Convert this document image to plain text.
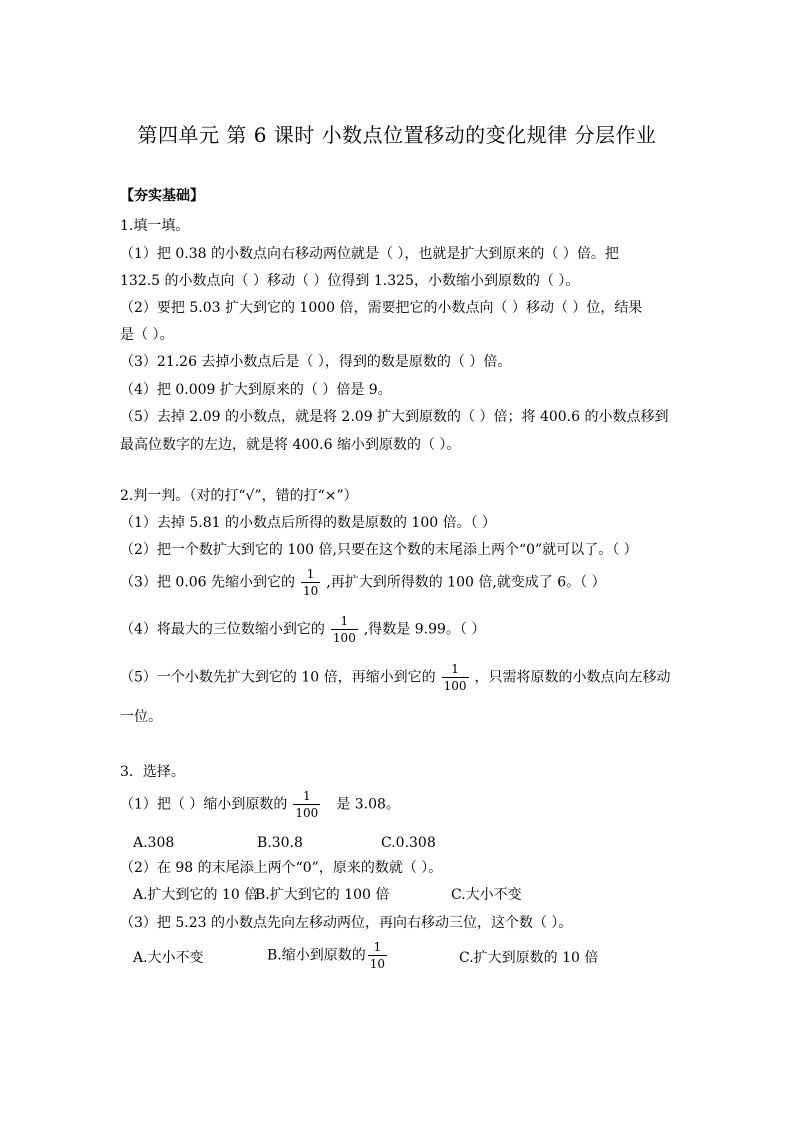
第四单元 第 6 课时 小数点位置移动的变化规律 分层作业
【夯实基础】
1.填一填。
（1）把 0.38 的小数点向右移动两位就是（ ），也就是扩大到原来的（ ）倍。把
132.5 的小数点向（ ）移动（ ）位得到 1.325，小数缩小到原数的（ ）。
（2）要把 5.03 扩大到它的 1000 倍，需要把它的小数点向（ ）移动（ ）位，结果
是（ ）。
（3）21.26 去掉小数点后是（ ），得到的数是原数的（ ）倍。
（4）把 0.009 扩大到原来的（ ）倍是 9。
（5）去掉 2.09 的小数点，就是将 2.09 扩大到原数的（ ）倍；将 400.6 的小数点移到
最高位数字的左边，就是将 400.6 缩小到原数的（ ）。
2.判一判。（对的打“√”，错的打“×”）
（1）去掉 5.81 的小数点后所得的数是原数的 100 倍。（ ）
（2）把一个数扩大到它的 100 倍,只要在这个数的末尾添上两个“0”就可以了。（ ）
（3）把 0.06 先缩小到它的 $\frac{1}{10}$ ,再扩大到所得数的 100 倍,就变成了 6。（ ）
（4）将最大的三位数缩小到它的 $\frac{1}{100}$ ,得数是 9.99。（ ）
（5）一个小数先扩大到它的 10 倍，再缩小到它的 $\frac{1}{100}$ ，只需将原数的小数点向左移动
一位。
3．选择。
（1）把（ ）缩小到原数的 $\frac{1}{100}$ 是 3.08。
A.308	B.30.8	C.0.308
（2）在 98 的末尾添上两个“0”，原来的数就（ ）。
A.扩大到它的 10 倍
B.扩大到它的 100 倍	C.大小不变
（3）把 5.23 的小数点先向左移动两位，再向右移动三位，这个数（ ）。
A.大小不变	B.缩小到原数的 $\frac{1}{10}$	C.扩大到原数的 10 倍
